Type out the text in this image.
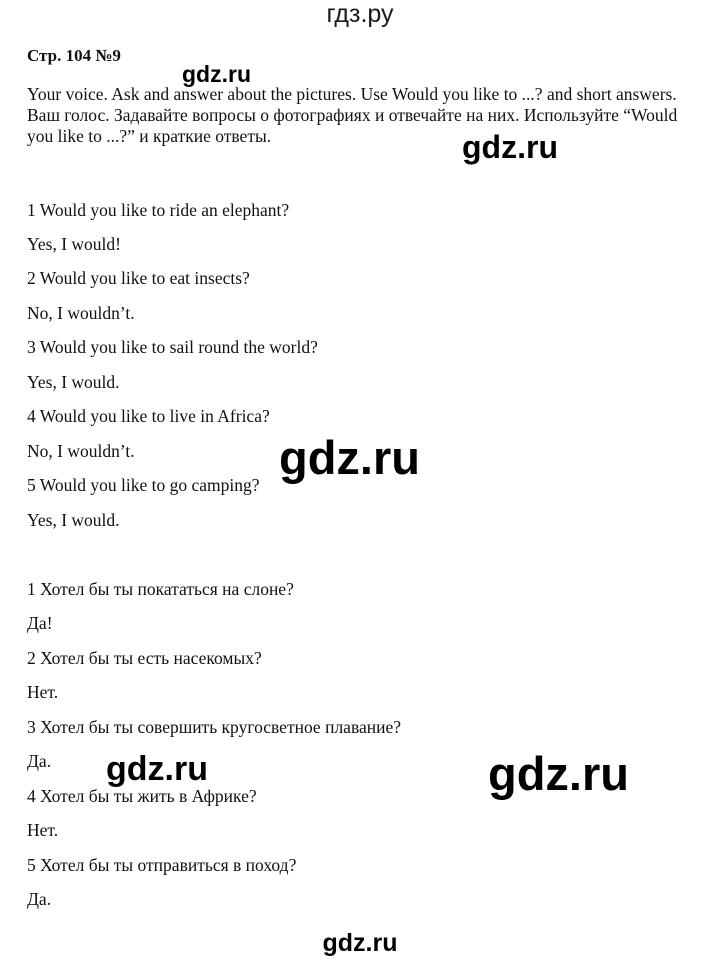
гдз.ру
Стр. 104 №9

Your voice. Ask and answer about the pictures. Use Would you like to ...? and short answers. Ваш голос. Задавайте вопросы о фотографиях и отвечайте на них. Используйте “Would you like to ...?” и краткие ответы.

1 Would you like to ride an elephant?
Yes, I would!
2 Would you like to eat insects?
No, I wouldn’t.
3 Would you like to sail round the world?
Yes, I would.
4 Would you like to live in Africa?
No, I wouldn’t.
5 Would you like to go camping?
Yes, I would.
1 Хотел бы ты покататься на слоне?
Да!
2 Хотел бы ты есть насекомых?
Нет.
3 Хотел бы ты совершить кругосветное плавание?
Да.
4 Хотел бы ты жить в Африке?
Нет.
5 Хотел бы ты отправиться в поход?
Да.
gdz.ru
gdz.ru
gdz.ru
gdz.ru	gdz.ru
gdz.ru
